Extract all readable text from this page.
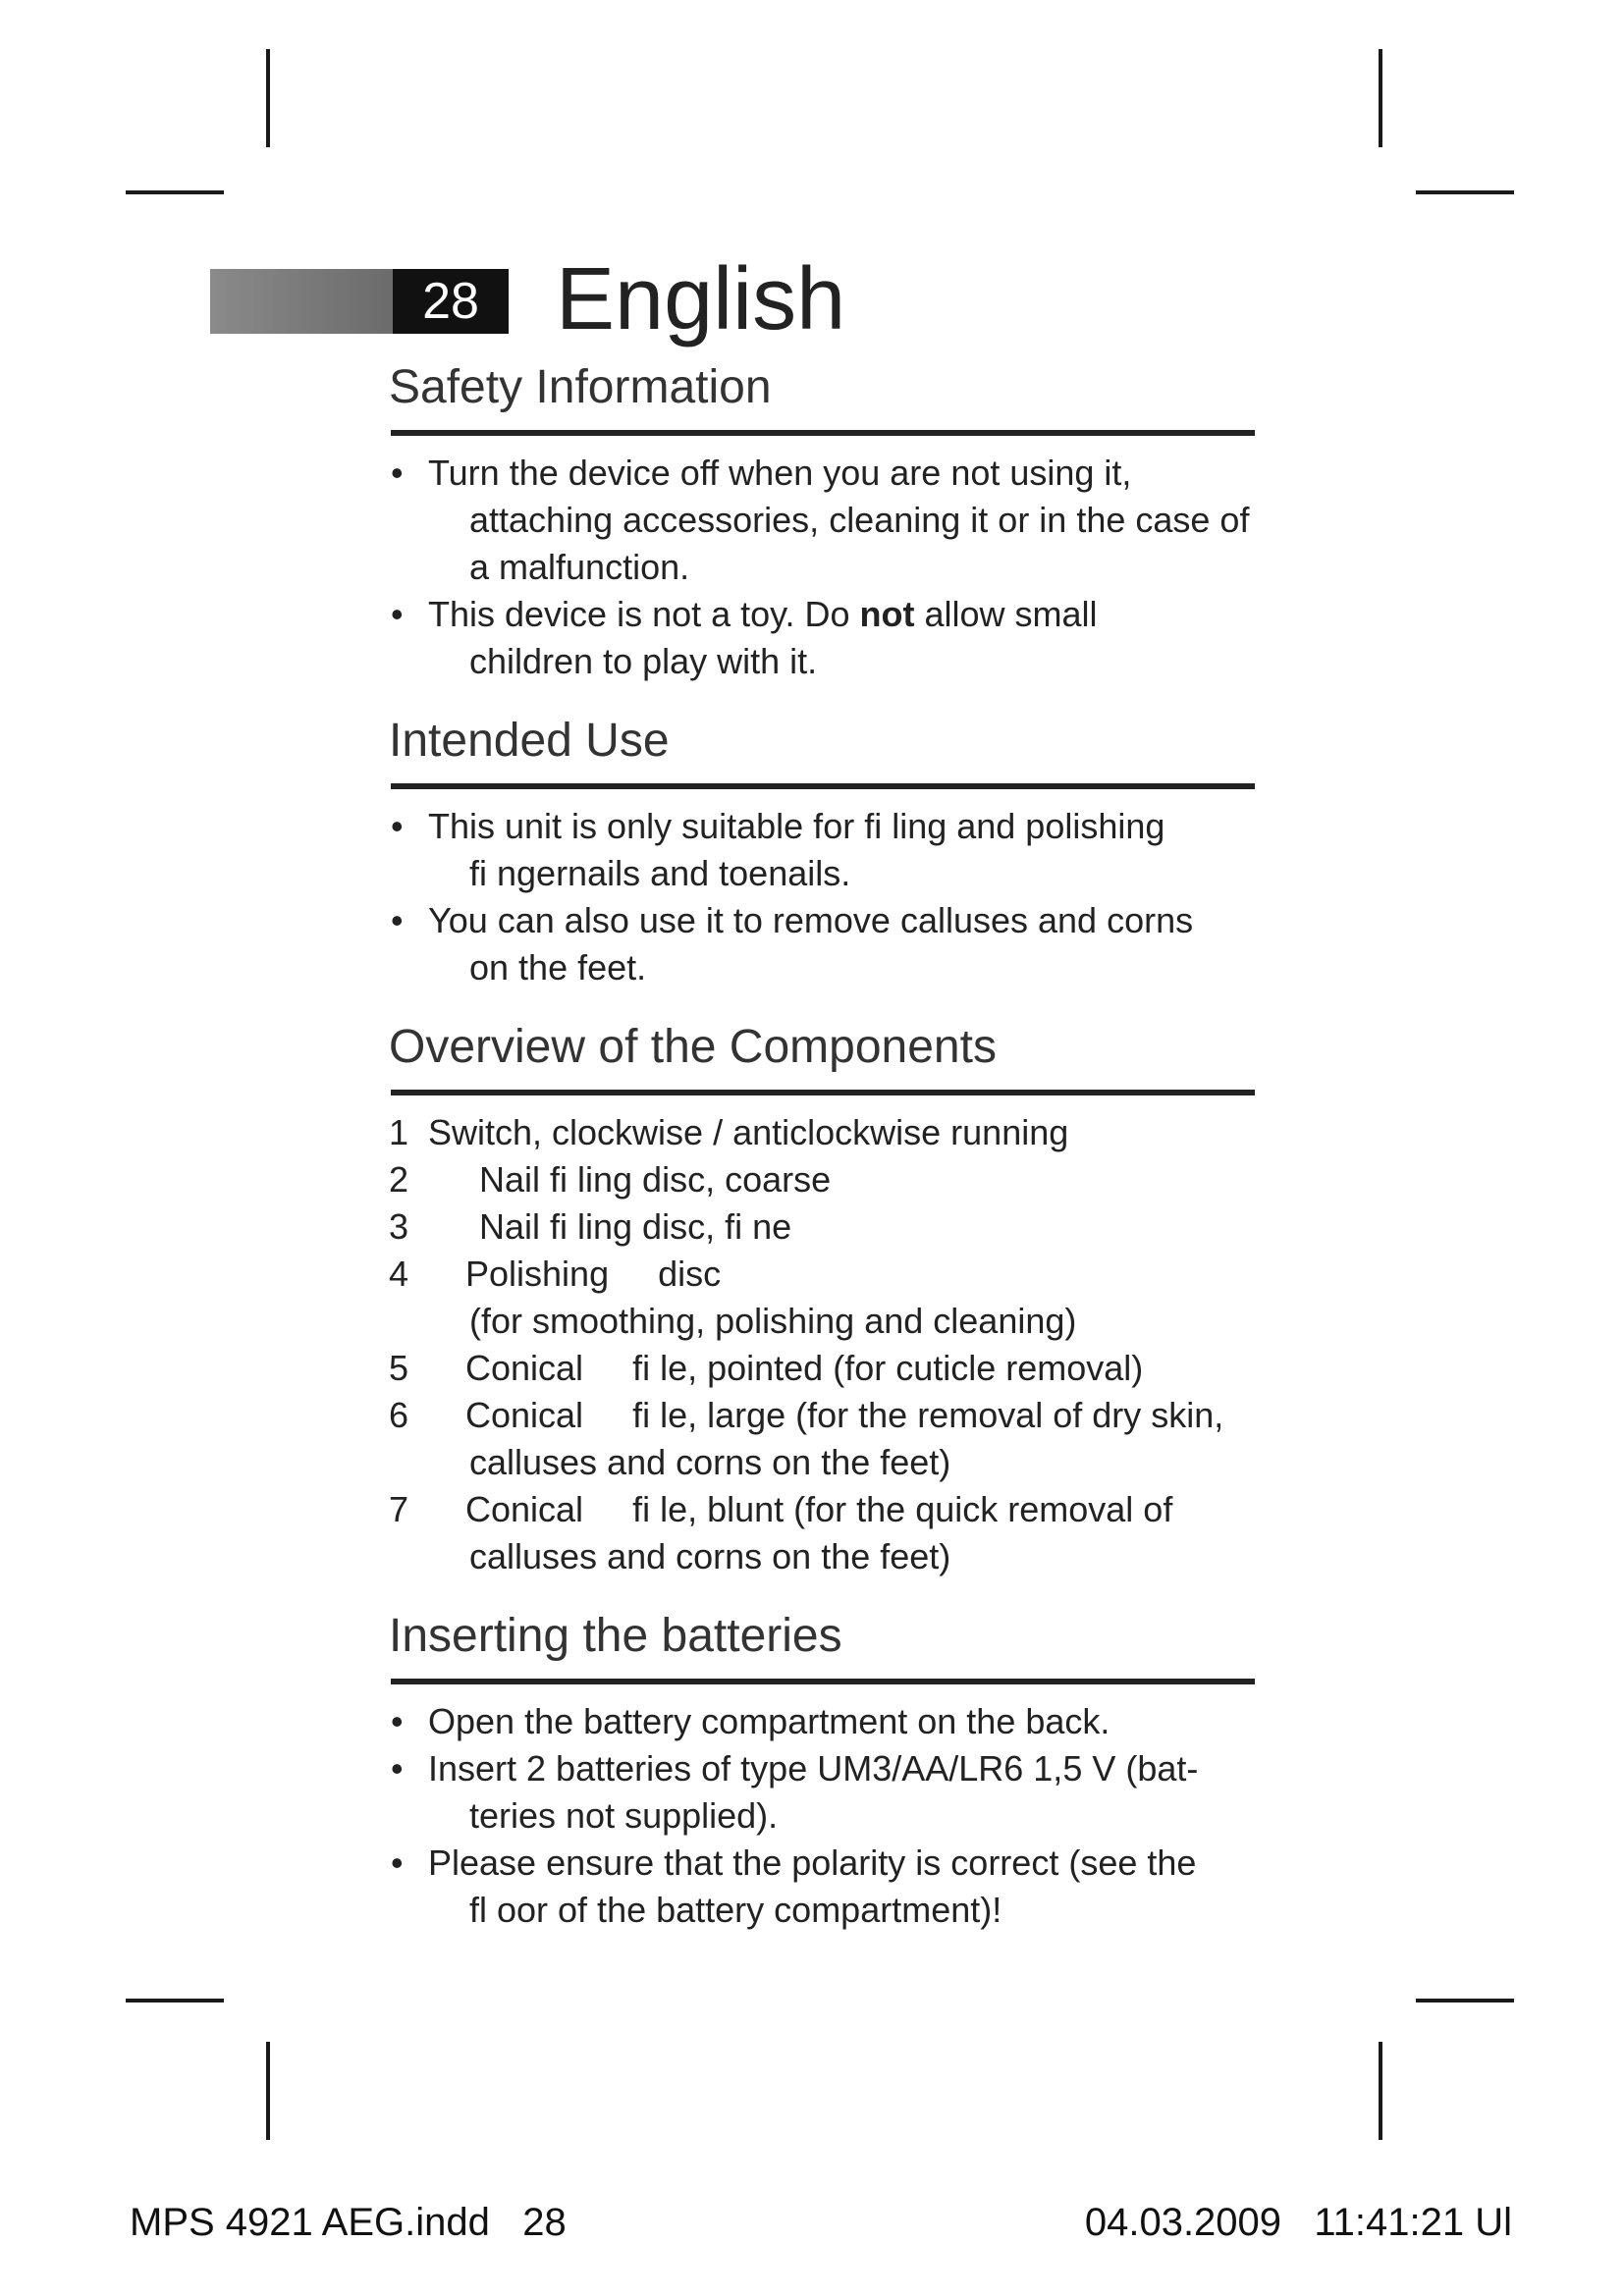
28 English
Safety Information
• Turn the device off when you are not using it,
attaching accessories, cleaning it or in the case of
a malfunction.
• This device is not a toy. Do not allow small
children to play with it.
Intended Use
• This unit is only suitable for fi ling and polishing
fi ngernails and toenails.
• You can also use it to remove calluses and corns
on the feet.
Overview of the Components
1 Switch, clockwise / anticlockwise running
2 Nail fi ling disc, coarse
3 Nail fi ling disc, fi ne
4 Polishing     disc
(for smoothing, polishing and cleaning)
5 Conical     fi le, pointed (for cuticle removal)
6 Conical     fi le, large (for the removal of dry skin,
calluses and corns on the feet)
7 Conical     fi le, blunt (for the quick removal of
calluses and corns on the feet)
Inserting the batteries
• Open the battery compartment on the back.
• Insert 2 batteries of type UM3/AA/LR6 1,5 V (bat-
teries not supplied).
• Please ensure that the polarity is correct (see the
fl oor of the battery compartment)!
MPS 4921 AEG.indd   28	04.03.2009   11:41:21 Ul
